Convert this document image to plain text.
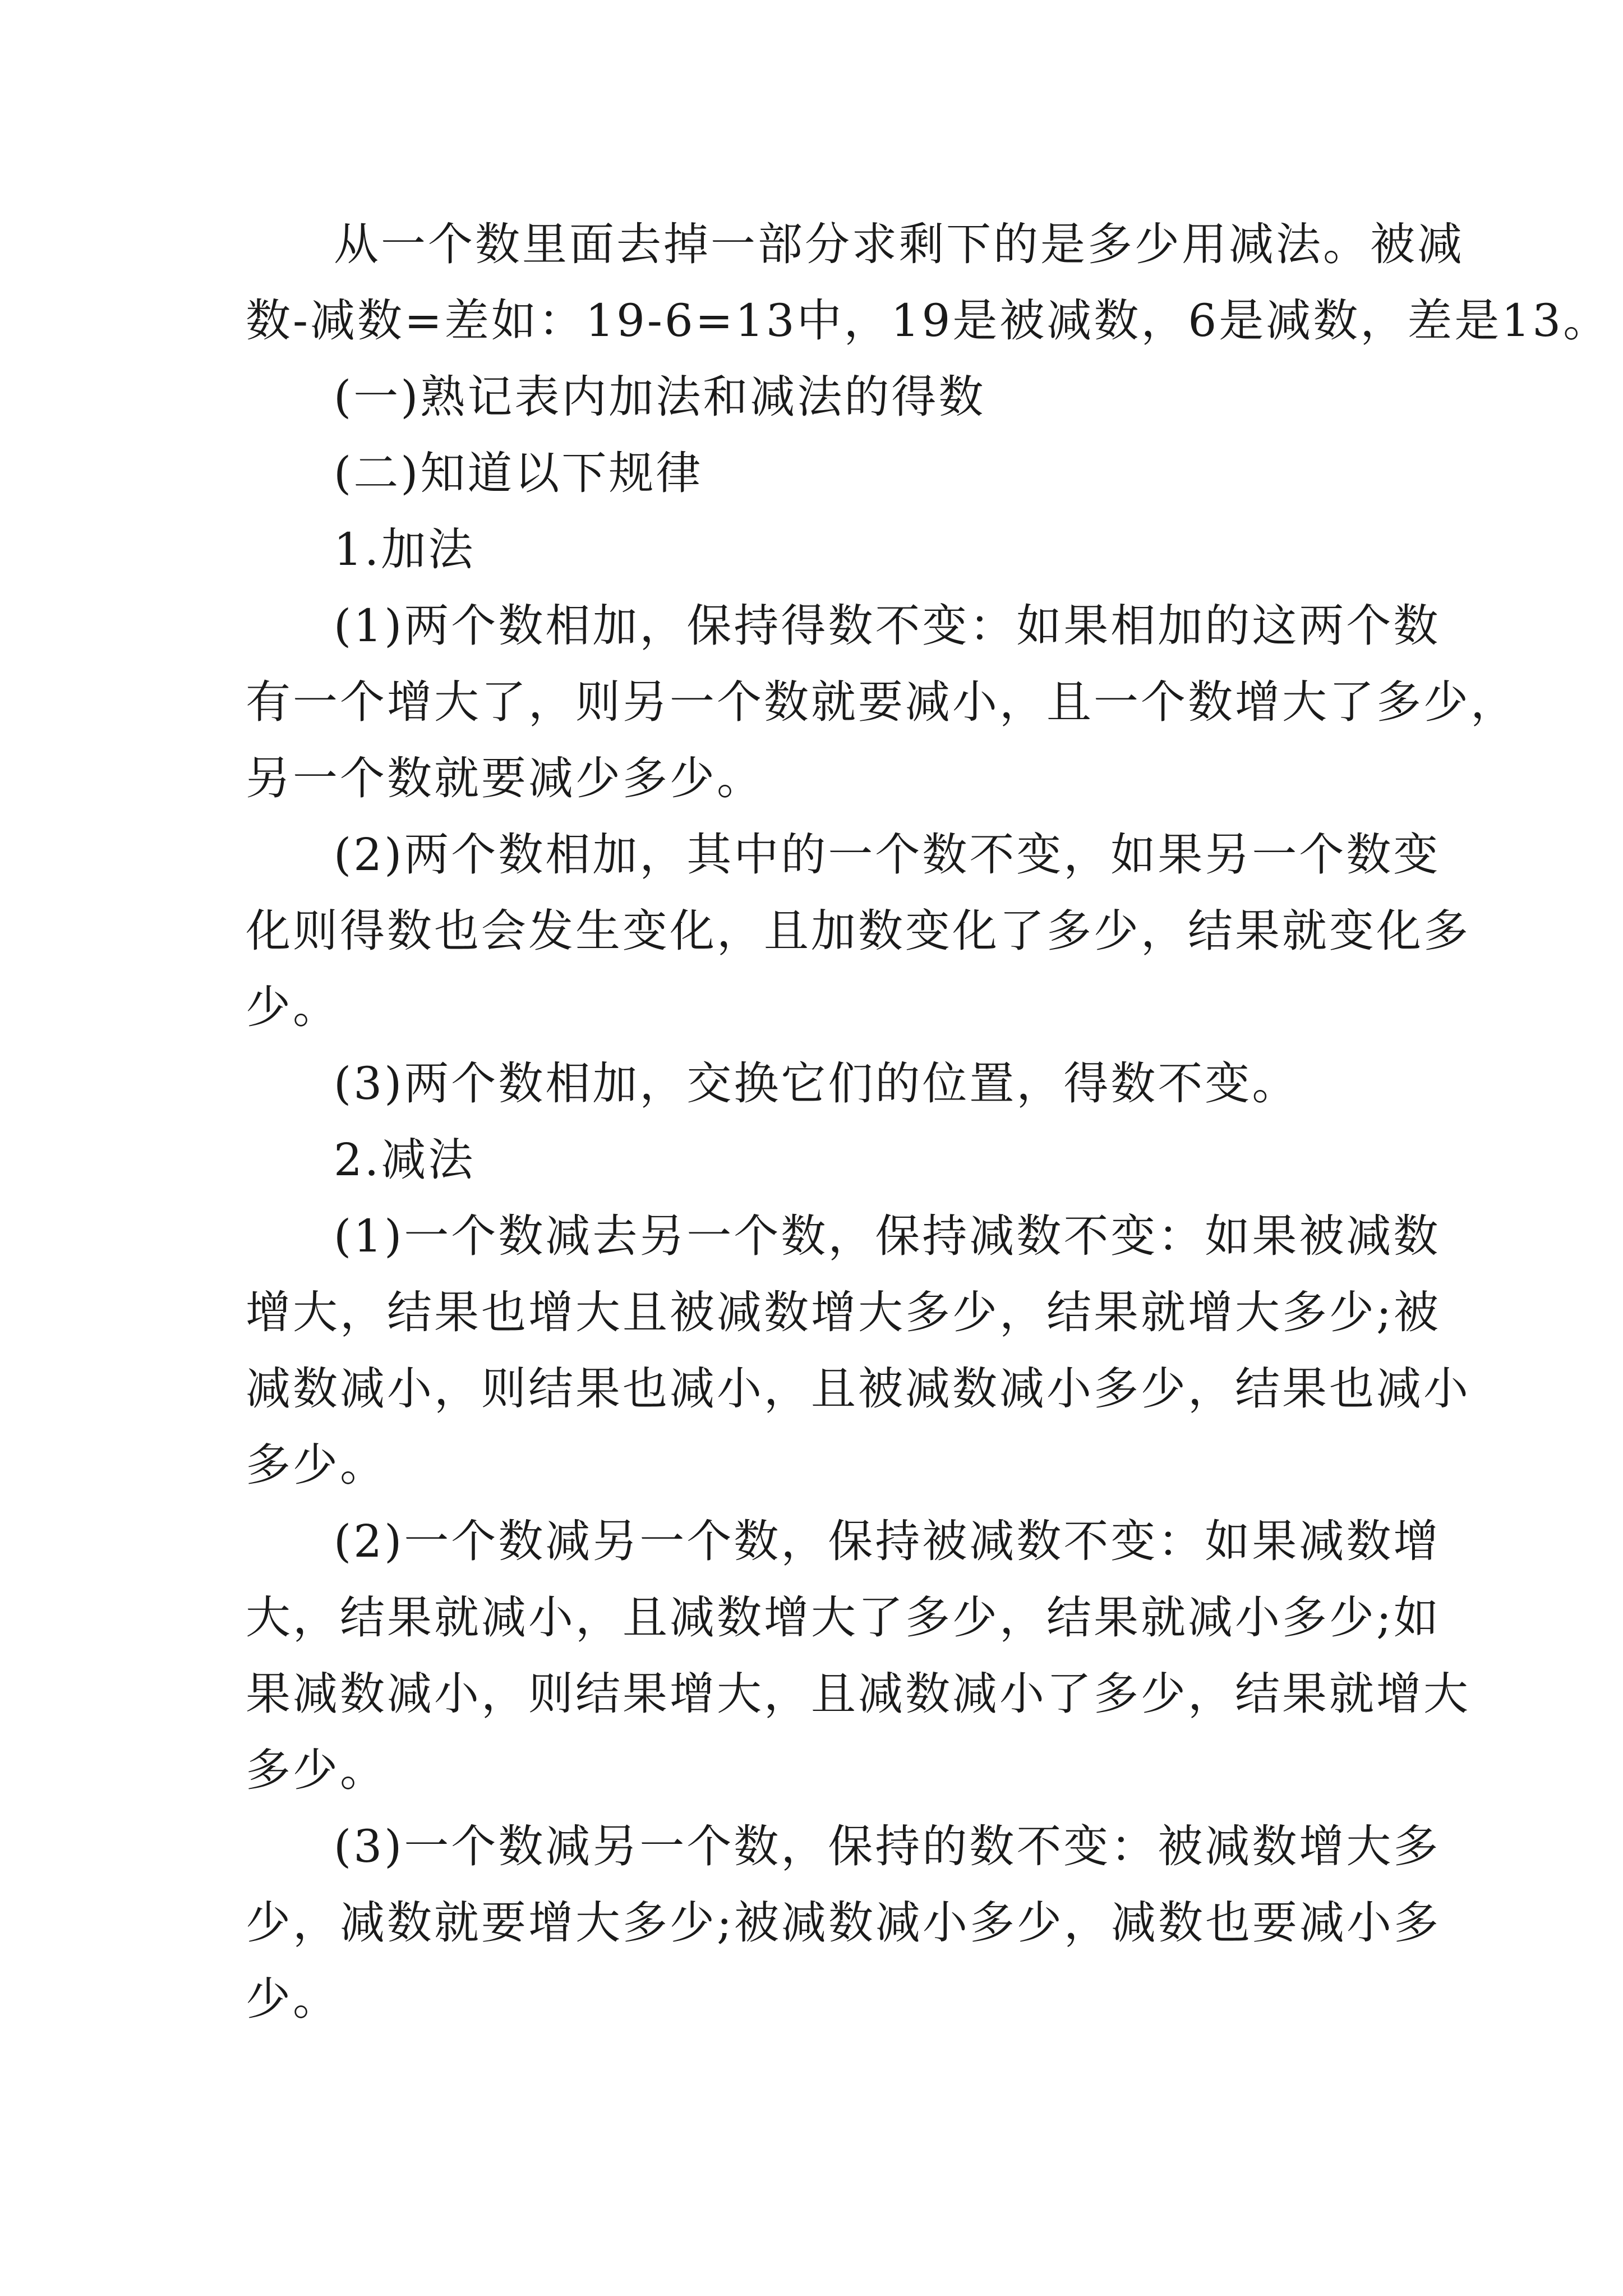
从一个数里面去掉一部分求剩下的是多少用减法。被减
数-减数=差如：19-6=13中，19是被减数，6是减数，差是13。
(一)熟记表内加法和减法的得数
(二)知道以下规律
1.加法
(1)两个数相加，保持得数不变：如果相加的这两个数
有一个增大了，则另一个数就要减小，且一个数增大了多少，
另一个数就要减少多少。
(2)两个数相加，其中的一个数不变，如果另一个数变
化则得数也会发生变化，且加数变化了多少，结果就变化多
少。
(3)两个数相加，交换它们的位置，得数不变。
2.减法
(1)一个数减去另一个数，保持减数不变：如果被减数
增大，结果也增大且被减数增大多少，结果就增大多少;被
减数减小，则结果也减小，且被减数减小多少，结果也减小
多少。
(2)一个数减另一个数，保持被减数不变：如果减数增
大，结果就减小，且减数增大了多少，结果就减小多少;如
果减数减小，则结果增大，且减数减小了多少，结果就增大
多少。
(3)一个数减另一个数，保持的数不变：被减数增大多
少，减数就要增大多少;被减数减小多少，减数也要减小多
少。
